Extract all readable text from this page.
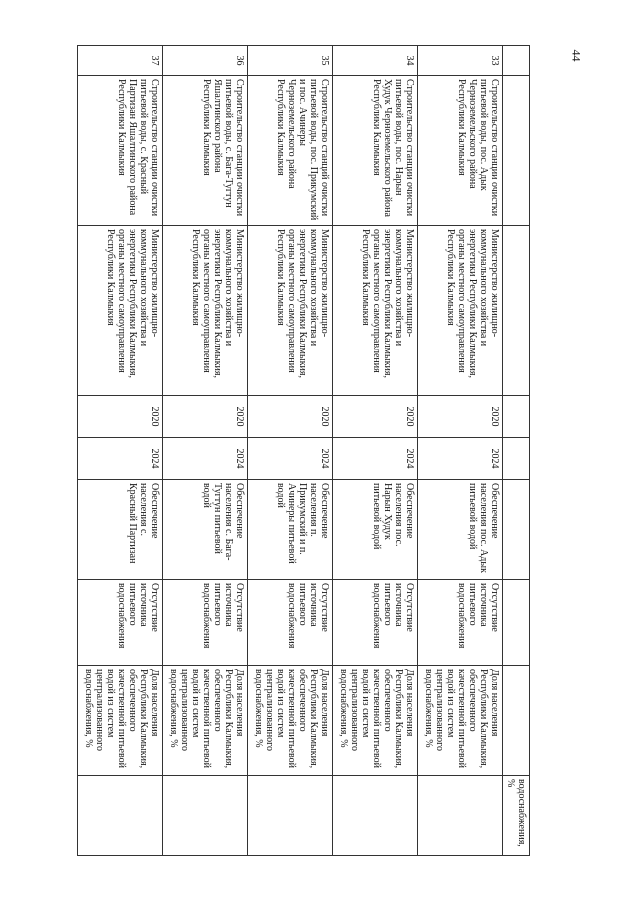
44
								водоснабжения, %
33	Строительство станции очистки питьевой воды, пос. Адык Черноземельского района Республики Калмыкия	Министерство жилищно-коммунального хозяйства и энергетики Республики Калмыкия, органы местного самоуправления Республики Калмыкия	2020	2024	Обеспечение населения пос. Адык питьевой водой	Отсутствие источника питьевого водоснабжения	Доля населения Республики Калмыкия, обеспеченного качественной питьевой водой из систем централизованного водоснабжения, %	
34	Строительство станции очистки питьевой воды, пос. Нарын Худук Черноземельского района Республики Калмыкия	Министерство жилищно-коммунального хозяйства и энергетики Республики Калмыкия, органы местного самоуправления Республики Калмыкия	2020	2024	Обеспечение населения пос. Нарын Худук питьевой водой	Отсутствие источника питьевого водоснабжения	Доля населения Республики Калмыкия, обеспеченного качественной питьевой водой из систем централизованного водоснабжения, %	
35	Строительство станций очистки питьевой воды, пос. Прикумский и пос. Ачинеры Черноземельского района Республики Калмыкия	Министерство жилищно-коммунального хозяйства и энергетики Республики Калмыкия, органы местного самоуправления Республики Калмыкия	2020	2024	Обеспечение населения п. Прикумский и п. Ачинеры питьевой водой	Отсутствие источника питьевого водоснабжения	Доля населения Республики Калмыкия, обеспеченного качественной питьевой водой из систем централизованного водоснабжения, %	
36	Строительство станции очистки питьевой воды, с. Бага-Тугтун Яшалтинского района Республики Калмыкия	Министерство жилищно-коммунального хозяйства и энергетики Республики Калмыкия, органы местного самоуправления Республики Калмыкия	2020	2024	Обеспечение населения с. Бага-Тугтун питьевой водой	Отсутствие источника питьевого водоснабжения	Доля населения Республики Калмыкия, обеспеченного качественной питьевой водой из систем централизованного водоснабжения, %	
37	Строительство станции очистки питьевой воды, с. Красный Партизан Яшалтинского района Республики Калмыкия	Министерство жилищно-коммунального хозяйства и энергетики Республики Калмыкия, органы местного самоуправления Республики Калмыкия	2020	2024	Обеспечение населения с. Красный Партизан	Отсутствие источника питьевого водоснабжения	Доля населения Республики Калмыкия, обеспеченного качественной питьевой водой из систем централизованного водоснабжения, %	
